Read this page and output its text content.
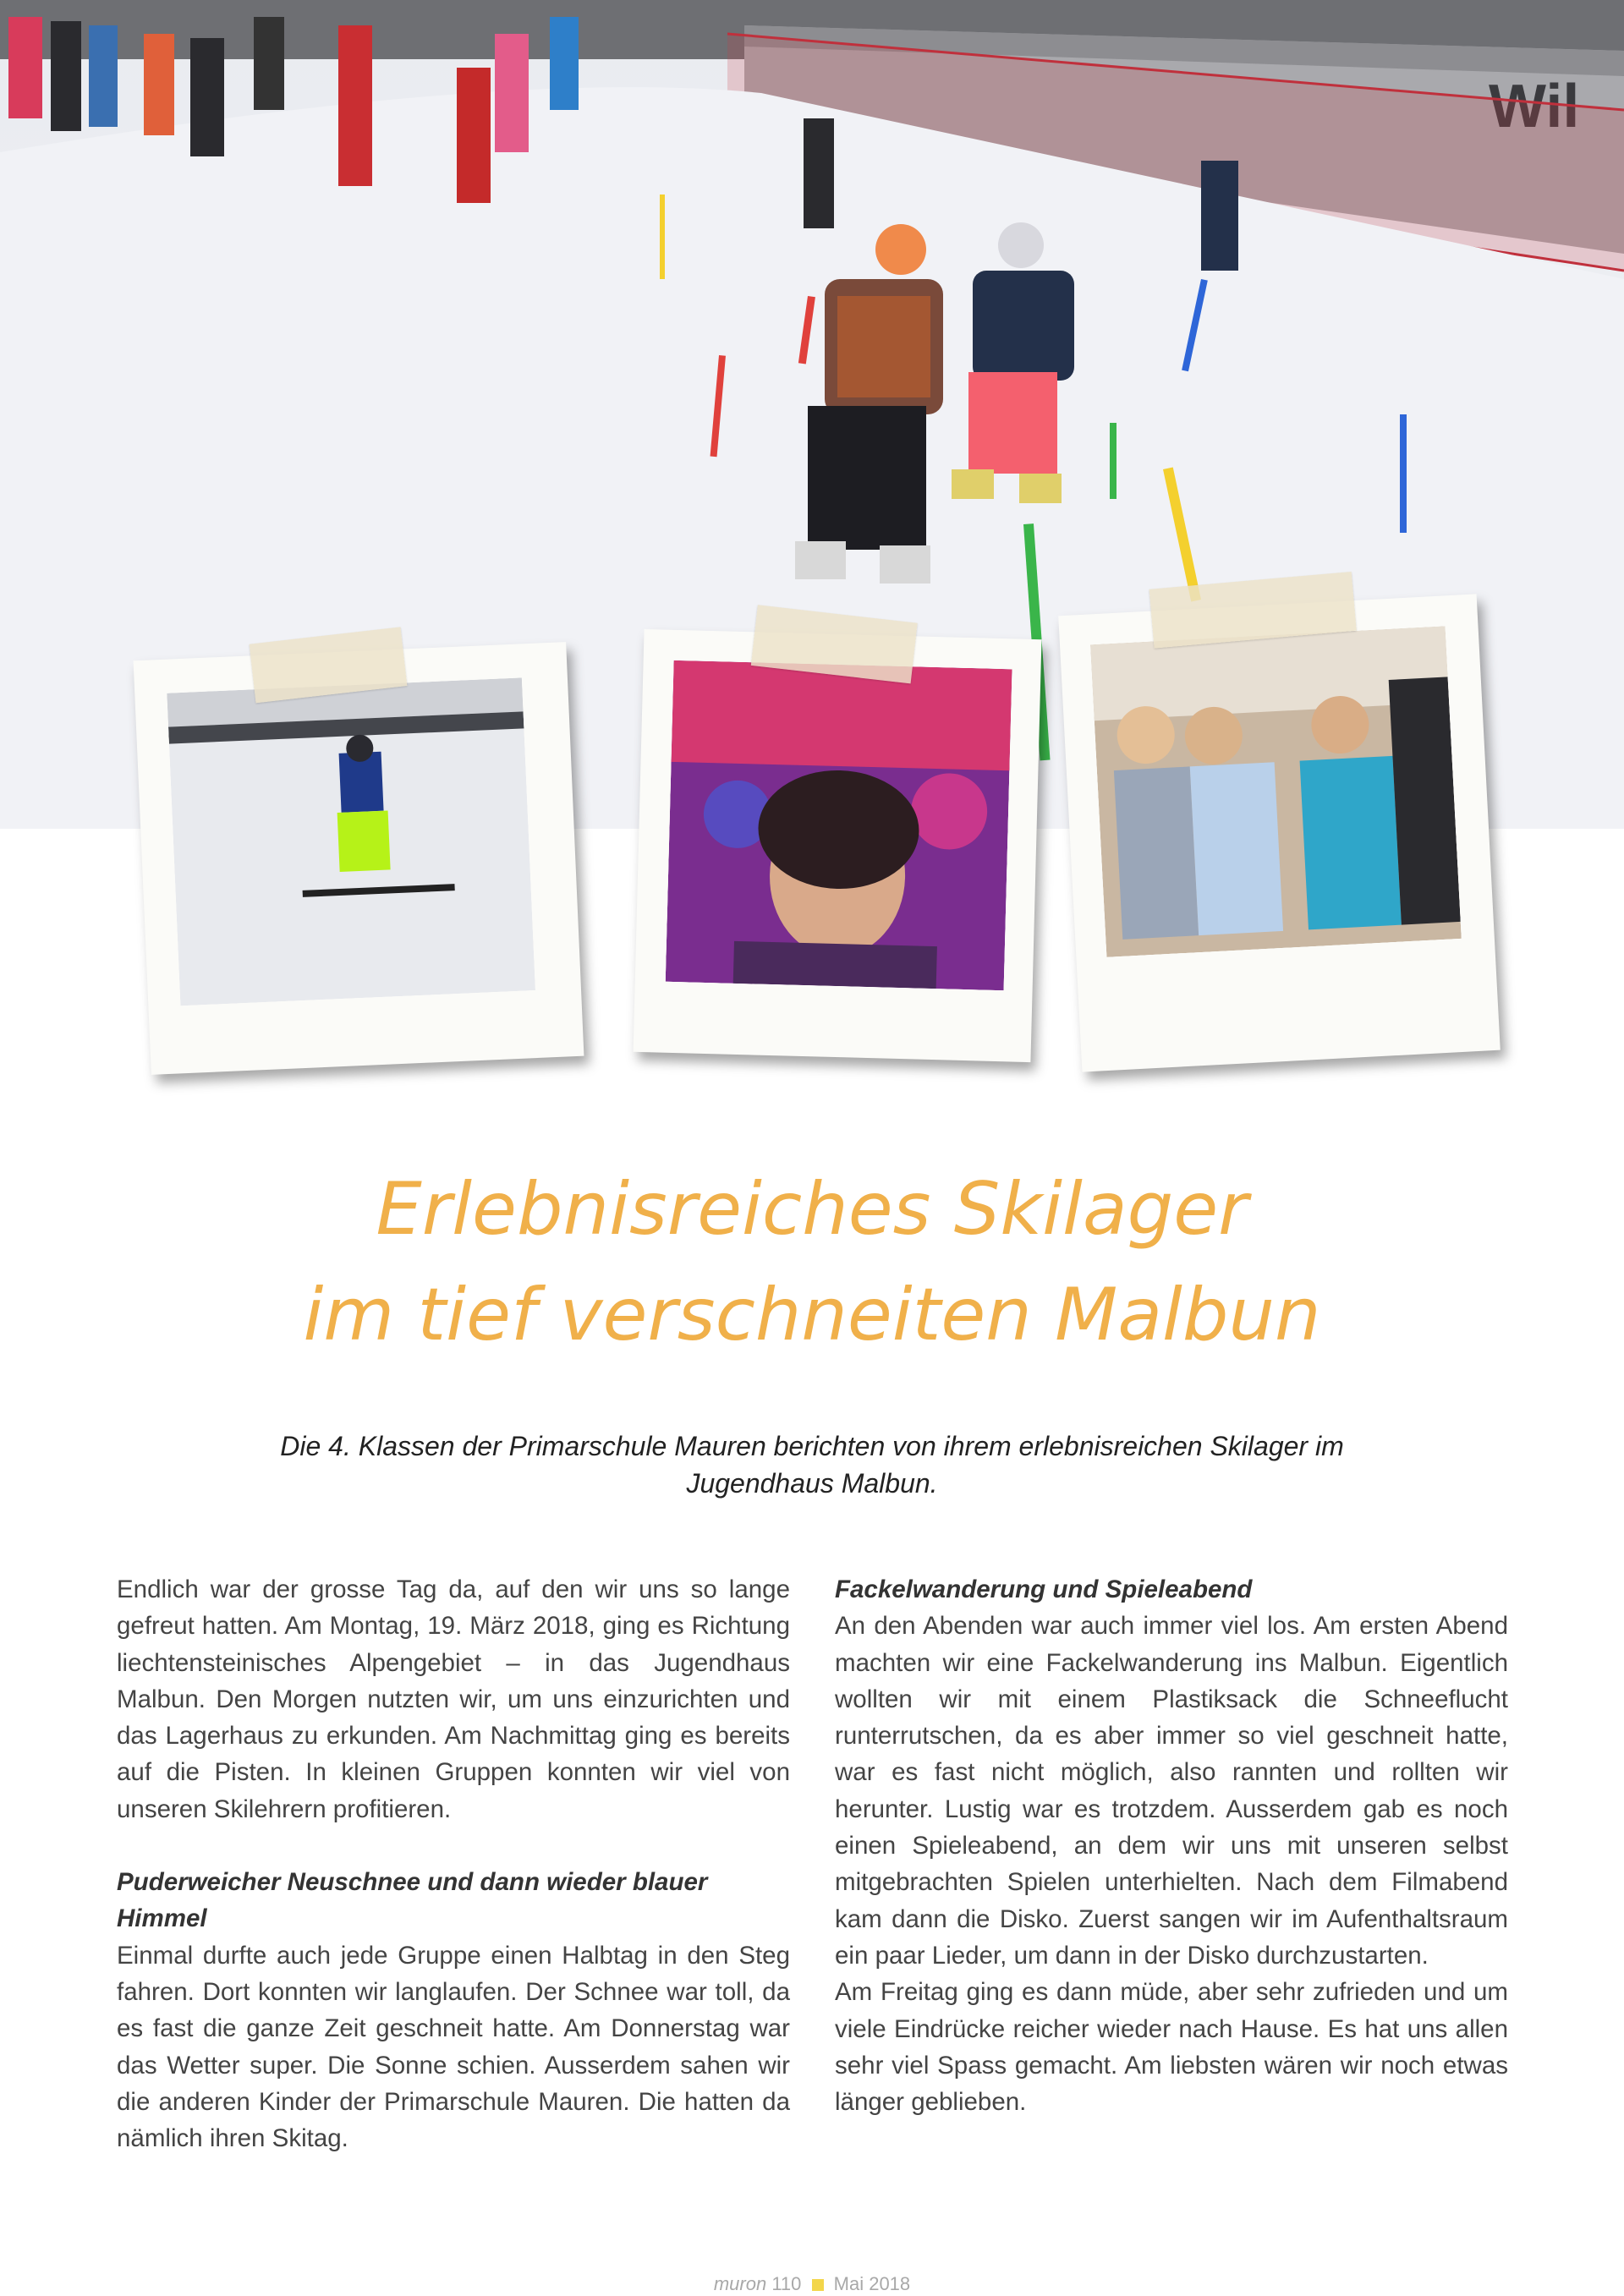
Wil
Erlebnisreiches Skilager
im tief verschneiten Malbun
Die 4. Klassen der Primarschule Mauren berichten von ihrem erlebnisreichen Skilager im Jugendhaus Malbun.

Endlich war der grosse Tag da, auf den wir uns so lange gefreut hatten. Am Montag, 19. März 2018, ging es Richtung liechtensteinisches Alpengebiet – in das Jugendhaus Malbun. Den Morgen nutzten wir, um uns einzurichten und das Lagerhaus zu erkunden. Am Nachmittag ging es bereits auf die Pisten. In kleinen Gruppen konnten wir viel von unseren Skilehrern profitieren.

Puderweicher Neuschnee und dann wieder blauer Himmel

Einmal durfte auch jede Gruppe einen Halbtag in den Steg fahren. Dort konnten wir langlaufen. Der Schnee war toll, da es fast die ganze Zeit geschneit hatte. Am Donnerstag war das Wetter super. Die Sonne schien. Ausserdem sahen wir die anderen Kinder der Primarschule Mauren. Die hatten da nämlich ihren Skitag.

Fackelwanderung und Spieleabend

An den Abenden war auch immer viel los. Am ersten Abend machten wir eine Fackelwanderung ins Malbun. Eigentlich wollten wir mit einem Plastiksack die Schneeflucht runterrutschen, da es aber immer so viel geschneit hatte, war es fast nicht möglich, also rannten und rollten wir herunter. Lustig war es trotzdem. Ausserdem gab es noch einen Spieleabend, an dem wir uns mit unseren selbst mitgebrachten Spielen unterhielten. Nach dem Filmabend kam dann die Disko. Zuerst sangen wir im Aufenthaltsraum ein paar Lieder, um dann in der Disko durchzustarten.

Am Freitag ging es dann müde, aber sehr zufrieden und um viele Eindrücke reicher wieder nach Hause. Es hat uns allen sehr viel Spass gemacht. Am liebsten wären wir noch etwas länger geblieben.

muron 110 Mai 2018
